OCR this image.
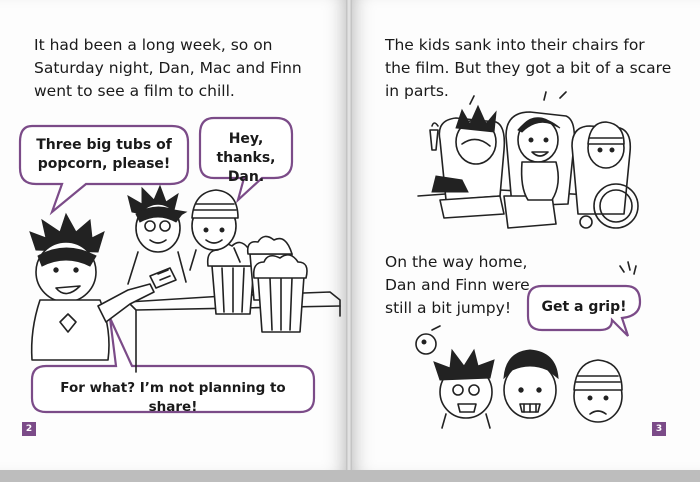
It had been a long week, so on
Saturday night, Dan, Mac and Finn
went to see a film to chill.
The kids sank into their chairs for
the film. But they got a bit of a scare
in parts.
On the way home,
Dan and Finn were
still a bit jumpy!
Three big tubs of
popcorn, please!
Hey, thanks,
Dan.
For what? I’m not planning to share!
Get a grip!
2	3
